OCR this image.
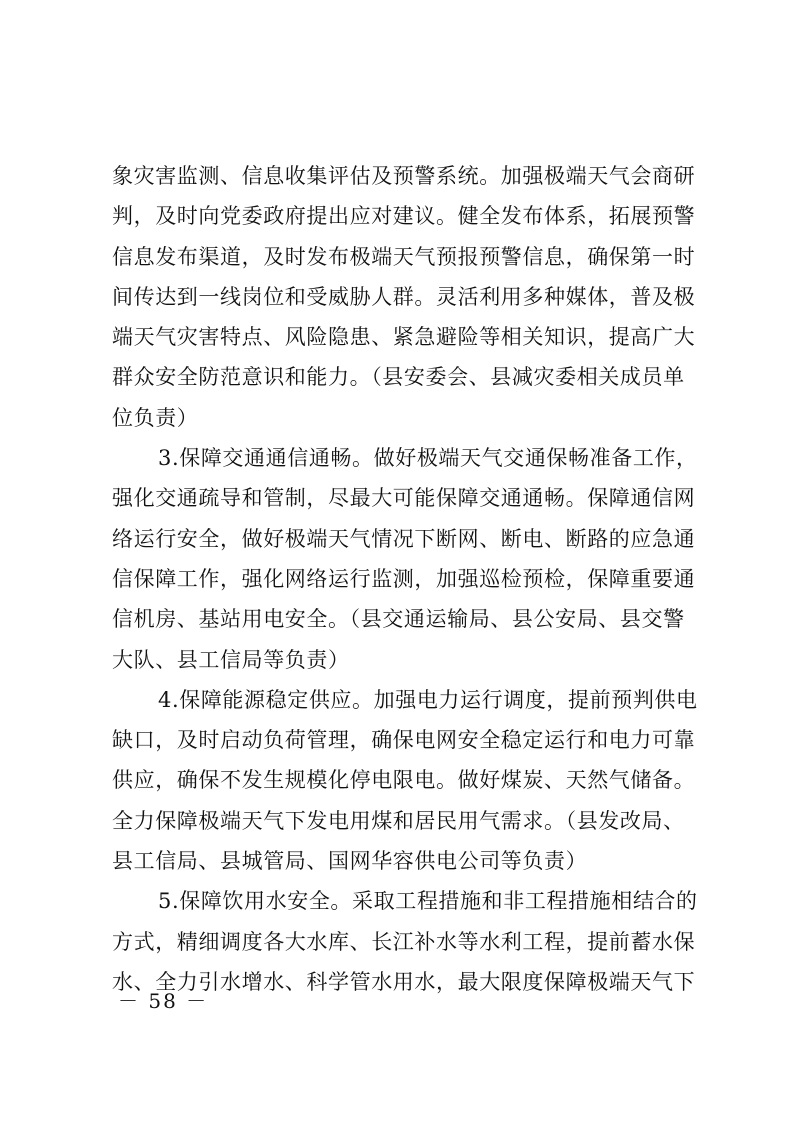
象灾害监测、信息收集评估及预警系统。加强极端天气会商研
判，及时向党委政府提出应对建议。健全发布体系，拓展预警
信息发布渠道，及时发布极端天气预报预警信息，确保第一时
间传达到一线岗位和受威胁人群。灵活利用多种媒体，普及极
端天气灾害特点、风险隐患、紧急避险等相关知识，提高广大
群众安全防范意识和能力。（县安委会、县减灾委相关成员单
位负责）
3.保障交通通信通畅。做好极端天气交通保畅准备工作，
强化交通疏导和管制，尽最大可能保障交通通畅。保障通信网
络运行安全，做好极端天气情况下断网、断电、断路的应急通
信保障工作，强化网络运行监测，加强巡检预检，保障重要通
信机房、基站用电安全。（县交通运输局、县公安局、县交警
大队、县工信局等负责）
4.保障能源稳定供应。加强电力运行调度，提前预判供电
缺口，及时启动负荷管理，确保电网安全稳定运行和电力可靠
供应，确保不发生规模化停电限电。做好煤炭、天然气储备。
全力保障极端天气下发电用煤和居民用气需求。（县发改局、
县工信局、县城管局、国网华容供电公司等负责）
5.保障饮用水安全。采取工程措施和非工程措施相结合的
方式，精细调度各大水库、长江补水等水利工程，提前蓄水保
水、全力引水增水、科学管水用水，最大限度保障极端天气下
－ 58 －
